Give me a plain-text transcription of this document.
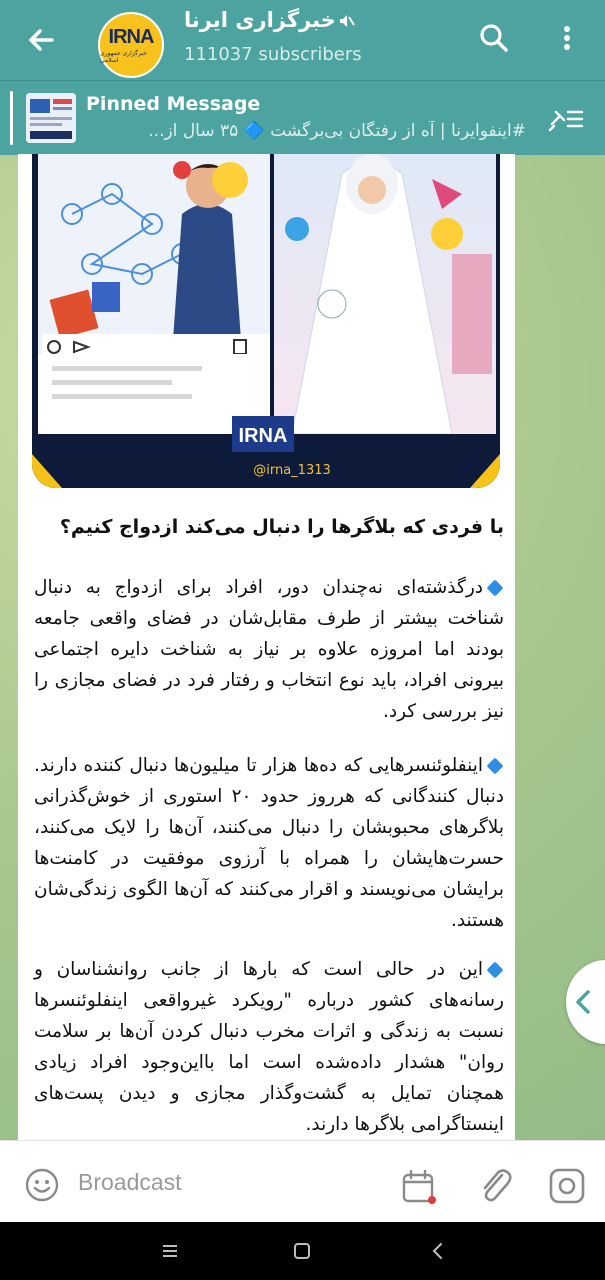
IRNA
خبرگزاری جمهوری اسلامی
خبرگزاری ایرنا
111037 subscribers
Pinned Message
#اینفوایرنا | آه از رفتگان بی‌برگشت 🔷 ۳۵ سال از...
IRNA
@irna_1313
با فردی که بلاگرها را دنبال می‌کند ازدواج کنیم؟
درگذشته‌ای نه‌چندان دور، افراد برای ازدواج به دنبال شناخت بیشتر از طرف مقابل‌شان در فضای واقعی جامعه بودند اما امروزه علاوه بر نیاز به شناخت دایره اجتماعی بیرونی افراد، باید نوع انتخاب و رفتار فرد در فضای مجازی را نیز بررسی کرد.
اینفلوئنسرهایی که ده‌ها هزار تا میلیون‌ها دنبال کننده دارند. دنبال کنندگانی که هرروز حدود ۲۰ استوری از خوش‌گذرانی بلاگرهای محبوبشان را دنبال می‌کنند، آن‌ها را لایک می‌کنند، حسرت‌هایشان را همراه با آرزوی موفقیت در کامنت‌ها برایشان می‌نویسند و اقرار می‌کنند که آن‌ها الگوی زندگی‌شان هستند.
این در حالی است که بارها از جانب روانشناسان و رسانه‌های کشور درباره "رویکرد غیرواقعی اینفلوئنسرها نسبت به زندگی و اثرات مخرب دنبال کردن آن‌ها بر سلامت روان" هشدار داده‌شده است اما بااین‌وجود افراد زیادی همچنان تمایل به گشت‌وگذار مجازی و دیدن پست‌های اینستاگرامی بلاگرها دارند.
Broadcast
